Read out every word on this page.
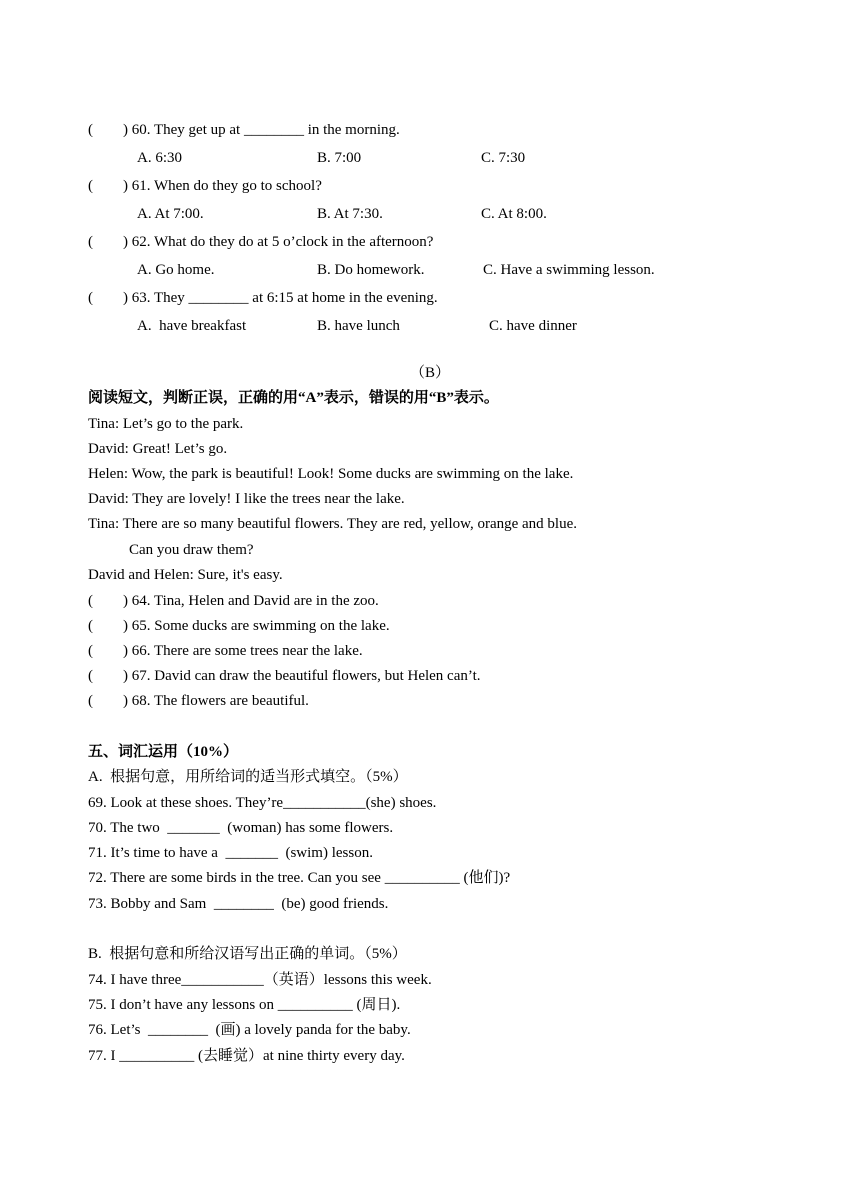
(        ) 60. They get up at ________ in the morning.
A. 6:30	B. 7:00	C. 7:30
(        ) 61. When do they go to school?
A. At 7:00.	B. At 7:30.	C. At 8:00.
(        ) 62. What do they do at 5 o’clock in the afternoon?
A. Go home.	B. Do homework.	C. Have a swimming lesson.
(        ) 63. They ________ at 6:15 at home in the evening.
A.  have breakfast	B. have lunch	C. have dinner
（B）
阅读短文，判断正误，正确的用“A”表示，错误的用“B”表示。
Tina: Let’s go to the park.
David: Great! Let’s go.
Helen: Wow, the park is beautiful! Look! Some ducks are swimming on the lake.
David: They are lovely! I like the trees near the lake.
Tina: There are so many beautiful flowers. They are red, yellow, orange and blue.
Can you draw them?
David and Helen: Sure, it's easy.
(        ) 64. Tina, Helen and David are in the zoo.
(        ) 65. Some ducks are swimming on the lake.
(        ) 66. There are some trees near the lake.
(        ) 67. David can draw the beautiful flowers, but Helen can’t.
(        ) 68. The flowers are beautiful.
五、词汇运用（10%）
A.  根据句意，用所给词的适当形式填空。（5%）
69. Look at these shoes. They’re___________(she) shoes.
70. The two  _______  (woman) has some flowers.
71. It’s time to have a  _______  (swim) lesson.
72. There are some birds in the tree. Can you see __________ (他们)?
73. Bobby and Sam  ________  (be) good friends.
B.  根据句意和所给汉语写出正确的单词。（5%）
74. I have three___________（英语）lessons this week.
75. I don’t have any lessons on __________ (周日).
76. Let’s  ________  (画) a lovely panda for the baby.
77. I __________ (去睡觉）at nine thirty every day.
